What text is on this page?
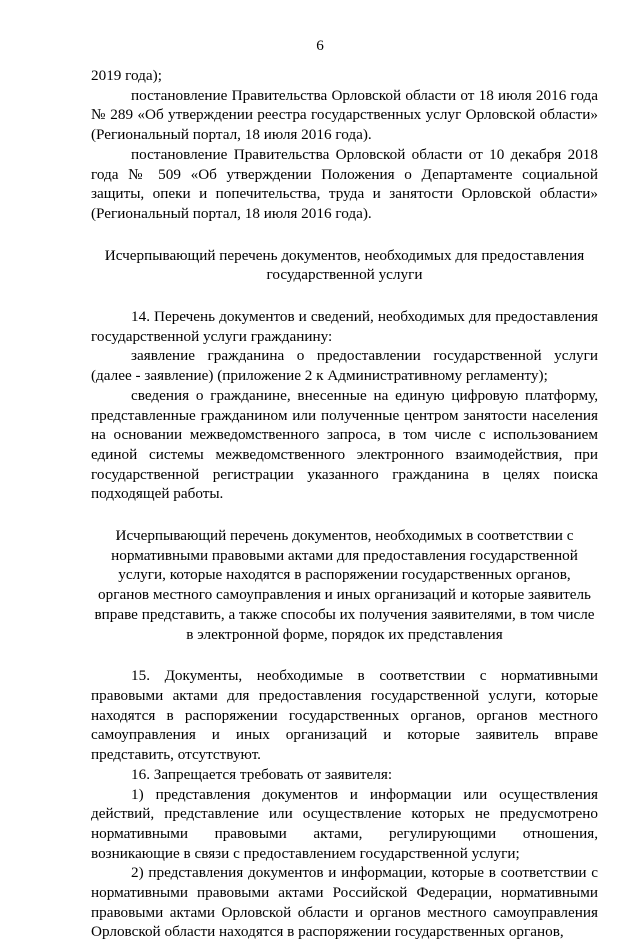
6

2019 года);

постановление Правительства Орловской области от 18 июля 2016 года № 289 «Об утверждении реестра государственных услуг Орловской области» (Региональный портал, 18 июля 2016 года).

постановление Правительства Орловской области от 10 декабря 2018 года № 509 «Об утверждении Положения о Департаменте социальной защиты, опеки и попечительства, труда и занятости Орловской области» (Региональный портал, 18 июля 2016 года).

Исчерпывающий перечень документов, необходимых для предоставления государственной услуги

14. Перечень документов и сведений, необходимых для предоставления государственной услуги гражданину:

заявление гражданина о предоставлении государственной услуги (далее - заявление) (приложение 2 к Административному регламенту);

сведения о гражданине, внесенные на единую цифровую платформу, представленные гражданином или полученные центром занятости населения на основании межведомственного запроса, в том числе с использованием единой системы межведомственного электронного взаимодействия, при государственной регистрации указанного гражданина в целях поиска подходящей работы.

Исчерпывающий перечень документов, необходимых в соответствии с нормативными правовыми актами для предоставления государственной услуги, которые находятся в распоряжении государственных органов, органов местного самоуправления и иных организаций и которые заявитель вправе представить, а также способы их получения заявителями, в том числе в электронной форме, порядок их представления

15. Документы, необходимые в соответствии с нормативными правовыми актами для предоставления государственной услуги, которые находятся в распоряжении государственных органов, органов местного самоуправления и иных организаций и которые заявитель вправе представить, отсутствуют.

16. Запрещается требовать от заявителя:

1) представления документов и информации или осуществления действий, представление или осуществление которых не предусмотрено нормативными правовыми актами, регулирующими отношения, возникающие в связи с предоставлением государственной услуги;

2) представления документов и информации, которые в соответствии с нормативными правовыми актами Российской Федерации, нормативными правовыми актами Орловской области и органов местного самоуправления Орловской области находятся в распоряжении государственных органов,
